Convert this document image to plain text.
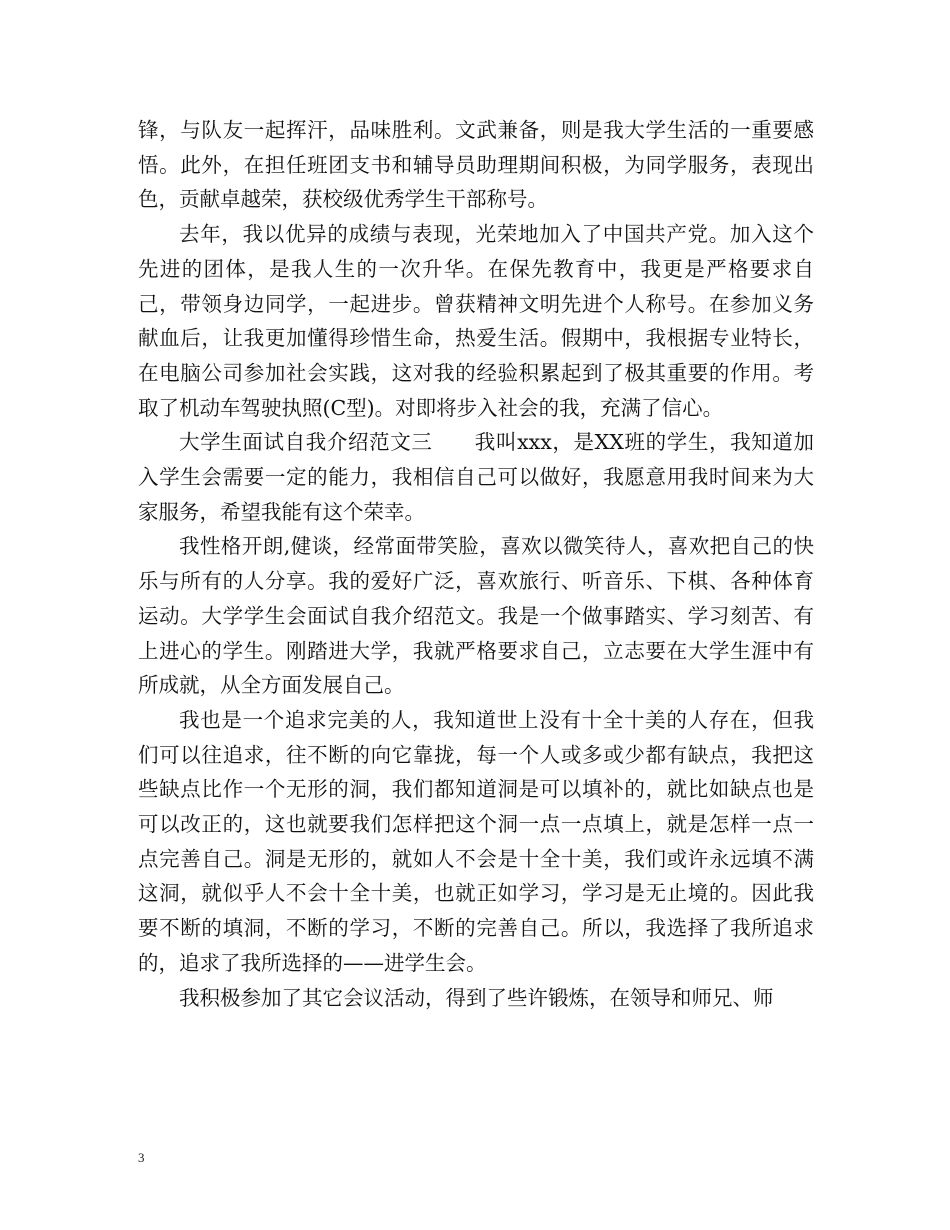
锋，与队友一起挥汗，品味胜利。文武兼备，则是我大学生活的一重要感悟。此外，在担任班团支书和辅导员助理期间积极，为同学服务，表现出色，贡献卓越荣，获校级优秀学生干部称号。

去年，我以优异的成绩与表现，光荣地加入了中国共产党。加入这个先进的团体，是我人生的一次升华。在保先教育中，我更是严格要求自己，带领身边同学，一起进步。曾获精神文明先进个人称号。在参加义务献血后，让我更加懂得珍惜生命，热爱生活。假期中，我根据专业特长，在电脑公司参加社会实践，这对我的经验积累起到了极其重要的作用。考取了机动车驾驶执照(C型)。对即将步入社会的我，充满了信心。

大学生面试自我介绍范文三　　我叫xxx，是XX班的学生，我知道加入学生会需要一定的能力，我相信自己可以做好，我愿意用我时间来为大家服务，希望我能有这个荣幸。

我性格开朗,健谈，经常面带笑脸，喜欢以微笑待人，喜欢把自己的快乐与所有的人分享。我的爱好广泛，喜欢旅行、听音乐、下棋、各种体育运动。大学学生会面试自我介绍范文。我是一个做事踏实、学习刻苦、有上进心的学生。刚踏进大学，我就严格要求自己，立志要在大学生涯中有所成就，从全方面发展自己。

我也是一个追求完美的人，我知道世上没有十全十美的人存在，但我们可以往追求，往不断的向它靠拢，每一个人或多或少都有缺点，我把这些缺点比作一个无形的洞，我们都知道洞是可以填补的，就比如缺点也是可以改正的，这也就要我们怎样把这个洞一点一点填上，就是怎样一点一点完善自己。洞是无形的，就如人不会是十全十美，我们或许永远填不满这洞，就似乎人不会十全十美，也就正如学习，学习是无止境的。因此我要不断的填洞，不断的学习，不断的完善自己。所以，我选择了我所追求的，追求了我所选择的——进学生会。

我积极参加了其它会议活动，得到了些许锻炼，在领导和师兄、师

3
